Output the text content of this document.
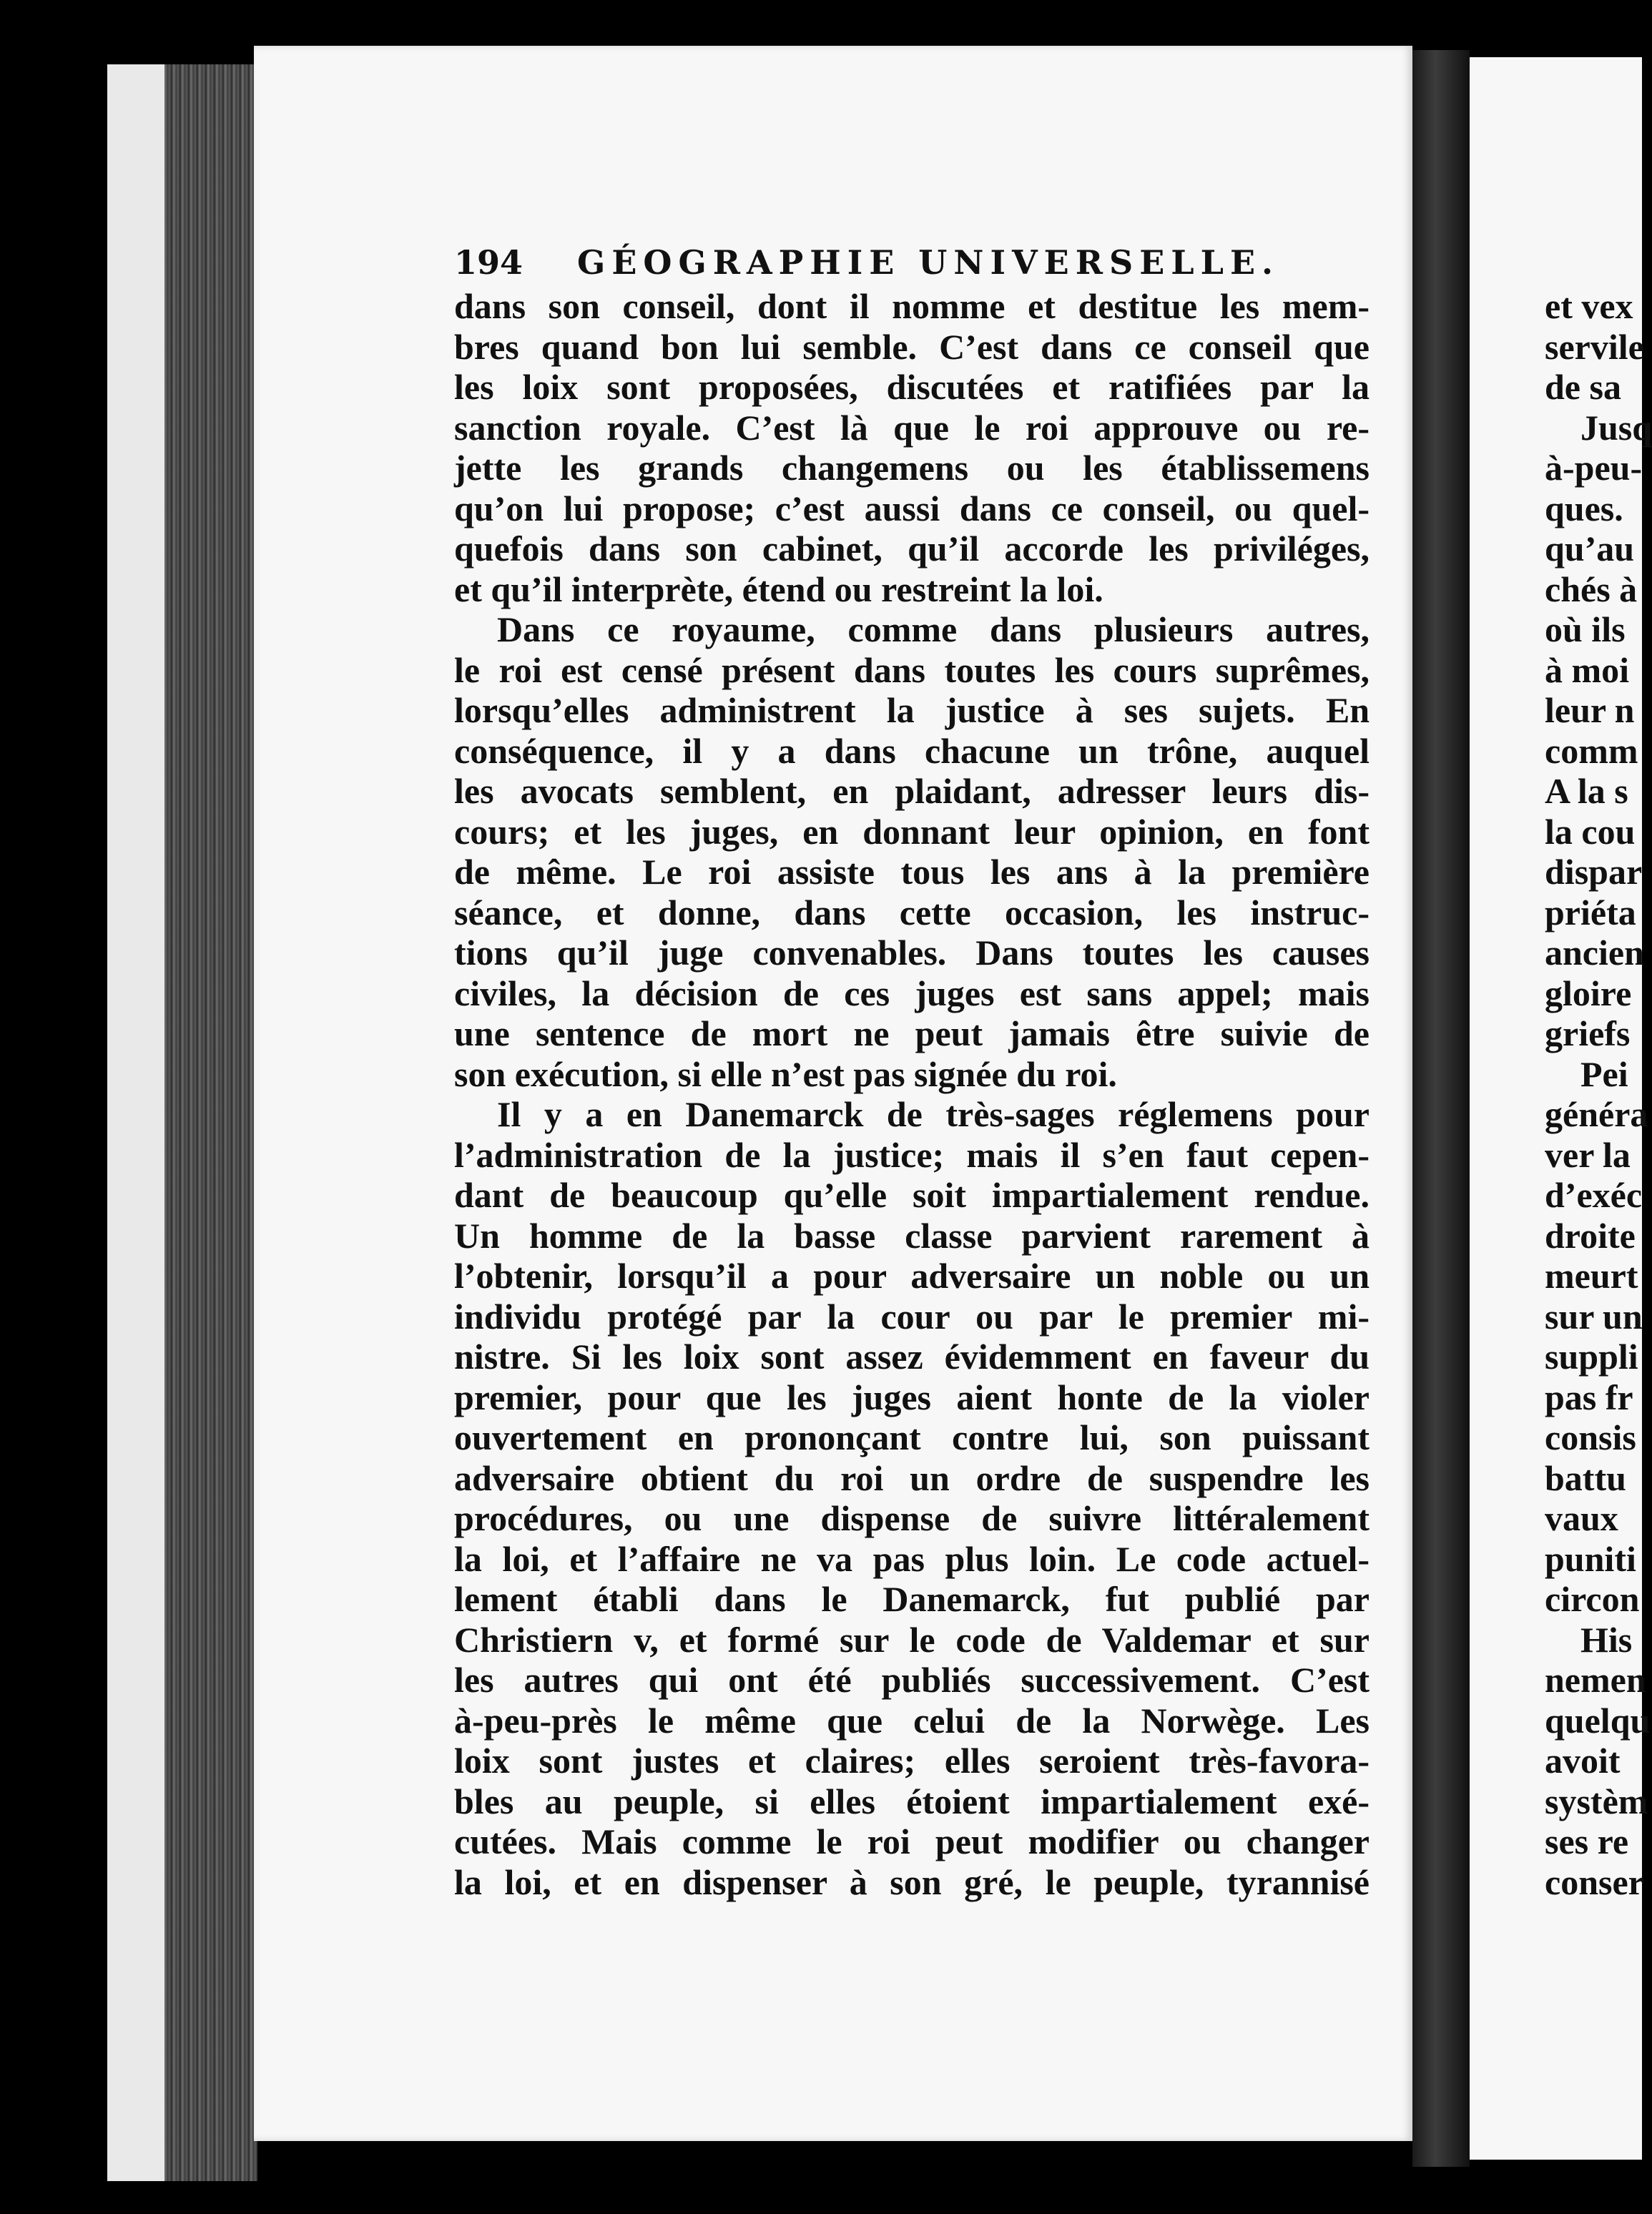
194 GÉOGRAPHIE UNIVERSELLE.
dans son conseil, dont il nomme et destitue les mem-
bres quand bon lui semble. C’est dans ce conseil que
les loix sont proposées, discutées et ratifiées par la
sanction royale. C’est là que le roi approuve ou re-
jette les grands changemens ou les établissemens
qu’on lui propose; c’est aussi dans ce conseil, ou quel-
quefois dans son cabinet, qu’il accorde les priviléges,
et qu’il interprète, étend ou restreint la loi.
Dans ce royaume, comme dans plusieurs autres,
le roi est censé présent dans toutes les cours suprêmes,
lorsqu’elles administrent la justice à ses sujets. En
conséquence, il y a dans chacune un trône, auquel
les avocats semblent, en plaidant, adresser leurs dis-
cours; et les juges, en donnant leur opinion, en font
de même. Le roi assiste tous les ans à la première
séance, et donne, dans cette occasion, les instruc-
tions qu’il juge convenables. Dans toutes les causes
civiles, la décision de ces juges est sans appel; mais
une sentence de mort ne peut jamais être suivie de
son exécution, si elle n’est pas signée du roi.
Il y a en Danemarck de très-sages réglemens pour
l’administration de la justice; mais il s’en faut cepen-
dant de beaucoup qu’elle soit impartialement rendue.
Un homme de la basse classe parvient rarement à
l’obtenir, lorsqu’il a pour adversaire un noble ou un
individu protégé par la cour ou par le premier mi-
nistre. Si les loix sont assez évidemment en faveur du
premier, pour que les juges aient honte de la violer
ouvertement en prononçant contre lui, son puissant
adversaire obtient du roi un ordre de suspendre les
procédures, ou une dispense de suivre littéralement
la loi, et l’affaire ne va pas plus loin. Le code actuel-
lement établi dans le Danemarck, fut publié par
Christiern v, et formé sur le code de Valdemar et sur
les autres qui ont été publiés successivement. C’est
à-peu-près le même que celui de la Norwège. Les
loix sont justes et claires; elles seroient très-favora-
bles au peuple, si elles étoient impartialement exé-
cutées. Mais comme le roi peut modifier ou changer
la loi, et en dispenser à son gré, le peuple, tyrannisé
et vex
servile
de sa
Jusq
à-peu-
ques.
qu’au
chés à
où ils
à moi
leur n
comm
A la s
la cou
dispar
priéta
ancien
gloire
griefs
Pei
généra
ver la
d’exéc
droite
meurt
sur un
suppli
pas fr
consis
battu
vaux
puniti
circon
His
nemen
quelqu
avoit
systèm
ses re
conser
